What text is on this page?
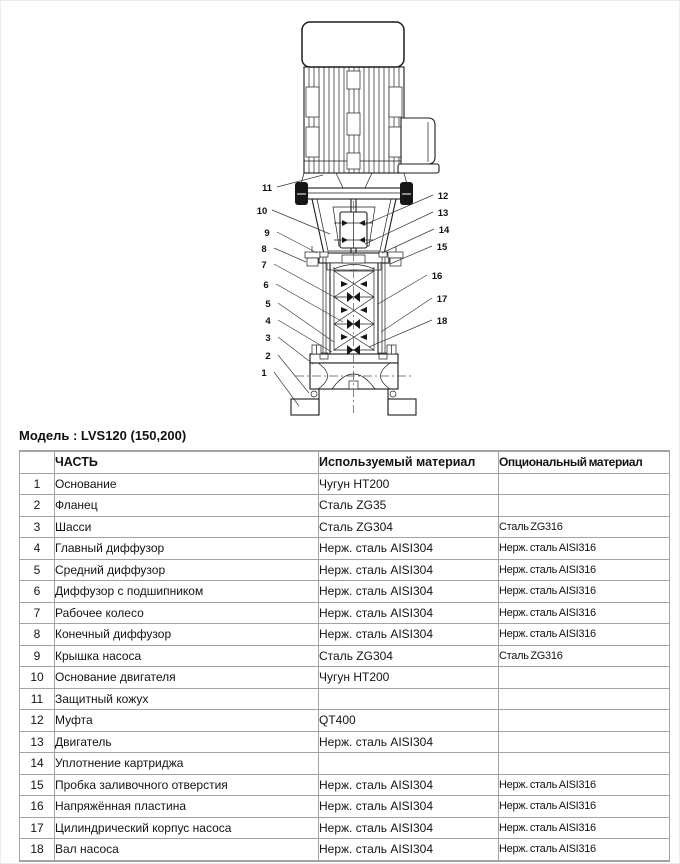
11
10
9
8
7
6
5
4
3
2
1
12
13
14
15
16
17
18
Модель : LVS120 (150,200)
	ЧАСТЬ	Используемый материал	Опциональный материал
1	Основание	Чугун HT200	
2	Фланец	Сталь ZG35	
3	Шасси	Сталь ZG304	Сталь ZG316
4	Главный диффузор	Нерж. сталь AISI304	Нерж. сталь AISI316
5	Средний диффузор	Нерж. сталь AISI304	Нерж. сталь AISI316
6	Диффузор с подшипником	Нерж. сталь AISI304	Нерж. сталь AISI316
7	Рабочее колесо	Нерж. сталь AISI304	Нерж. сталь AISI316
8	Конечный диффузор	Нерж. сталь AISI304	Нерж. сталь AISI316
9	Крышка насоса	Сталь ZG304	Сталь ZG316
10	Основание двигателя	Чугун HT200	
11	Защитный кожух		
12	Муфта	QT400	
13	Двигатель	Нерж. сталь AISI304	
14	Уплотнение картриджа		
15	Пробка заливочного отверстия	Нерж. сталь AISI304	Нерж. сталь AISI316
16	Напряжённая пластина	Нерж. сталь AISI304	Нерж. сталь AISI316
17	Цилиндрический корпус насоса	Нерж. сталь AISI304	Нерж. сталь AISI316
18	Вал насоса	Нерж. сталь AISI304	Нерж. сталь AISI316
